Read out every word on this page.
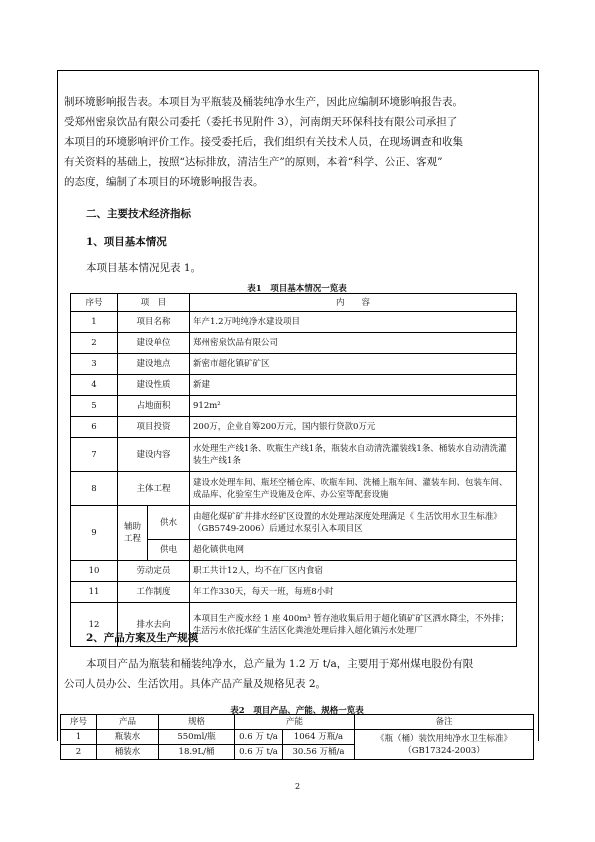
制环境影响报告表。本项目为平瓶装及桶装纯净水生产，因此应编制环境影响报告表。
受郑州密泉饮品有限公司委托（委托书见附件 3），河南朗天环保科技有限公司承担了
本项目的环境影响评价工作。接受委托后，我们组织有关技术人员，在现场调查和收集
有关资料的基础上，按照“达标排放，清洁生产”的原则，本着“科学、公正、客观”
的态度，编制了本项目的环境影响报告表。

二、主要技术经济指标

1、项目基本情况

本项目基本情况见表 1。

表1　项目基本情况一览表
序号	项　目		内　　容
1	项目名称		年产1.2万吨纯净水建设项目
2	建设单位		郑州密泉饮品有限公司
3	建设地点		新密市超化镇矿矿区
4	建设性质		新建
5	占地面积		912m²
6	项目投资		200万，企业自筹200万元，国内银行贷款0万元
7	建设内容		水处理生产线1条、吹瓶生产线1条，瓶装水自动清洗灌装线1条、桶装水自动清洗灌装生产线1条
8	主体工程		建设水处理车间、瓶坯空桶仓库、吹瓶车间、洗桶上瓶车间、灌装车间、包装车间、成品库、化验室生产设施及仓库、办公室等配套设施
9	辅助工程	供水	由超化煤矿矿井排水经矿区设置的水处理站深度处理满足《 生活饮用水卫生标准》（GB5749-2006）后通过水泵引入本项目区
		供电	超化镇供电网
10	劳动定员		职工共计12人，均不在厂区内食宿
11	工作制度		年工作330天，每天一班，每班8小时
12	排水去向		本项目生产废水经 1 座 400m³ 暂存池收集后用于超化镇矿矿区洒水降尘，不外排；生活污水依托煤矿生活区化粪池处理后排入超化镇污水处理厂

2、产品方案及生产规模

本项目产品为瓶装和桶装纯净水，总产量为 1.2 万 t/a，主要用于郑州煤电股份有限
公司人员办公、生活饮用。具体产品产量及规格见表 2。

表2　项目产品、产能、规格一览表
序号	产品	规格	产能		备注
1	瓶装水	550ml/瓶	0.6 万 t/a	1064 万瓶/a	《瓶（桶）装饮用纯净水卫生标准》（GB17324-2003）
2	桶装水	18.9L/桶	0.6 万 t/a	30.56 万桶/a	
2
